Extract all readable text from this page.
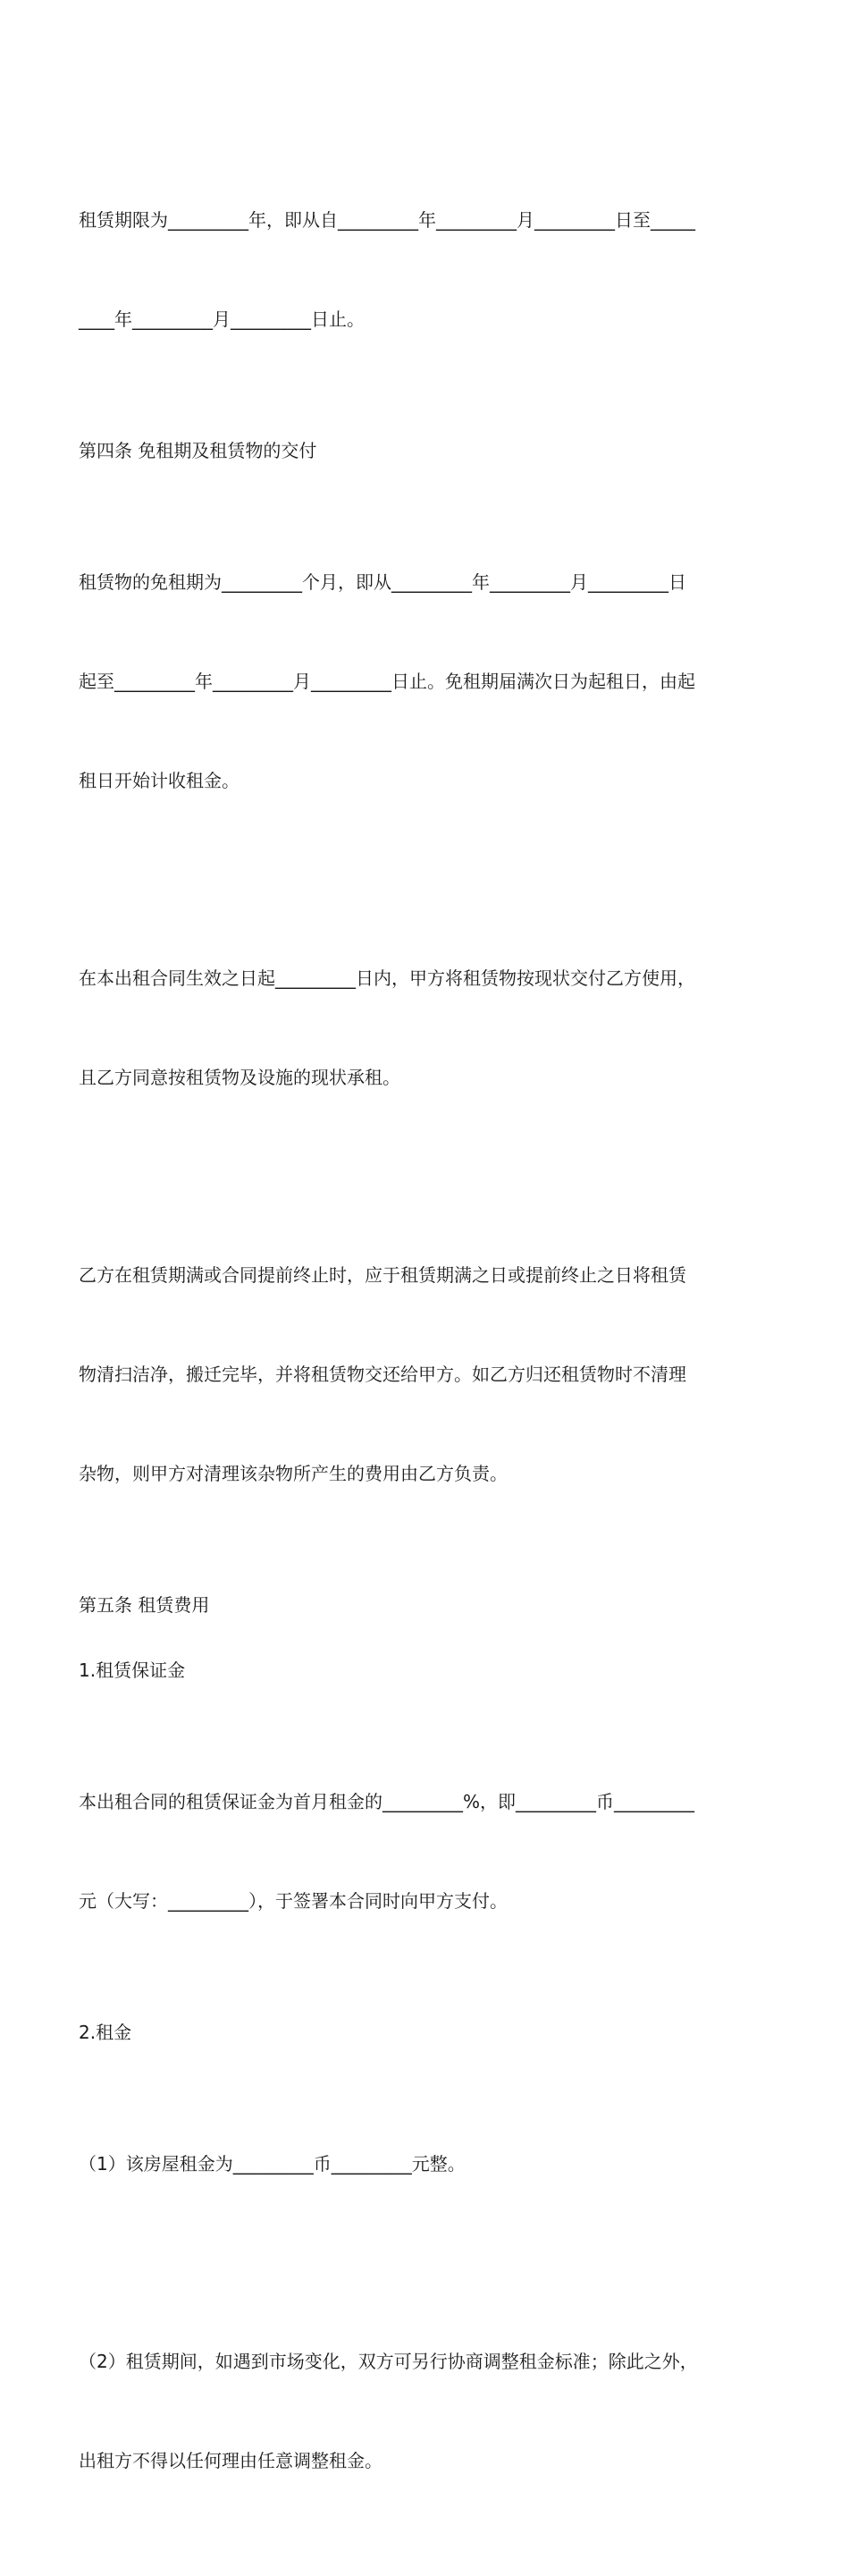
租赁期限为_________年，即从自_________年_________月_________日至_____

____年_________月_________日止。

第四条 免租期及租赁物的交付

租赁物的免租期为_________个月，即从_________年_________月_________日

起至_________年_________月_________日止。免租期届满次日为起租日，由起

租日开始计收租金。

在本出租合同生效之日起_________日内，甲方将租赁物按现状交付乙方使用，

且乙方同意按租赁物及设施的现状承租。

乙方在租赁期满或合同提前终止时，应于租赁期满之日或提前终止之日将租赁

物清扫洁净，搬迁完毕，并将租赁物交还给甲方。如乙方归还租赁物时不清理

杂物，则甲方对清理该杂物所产生的费用由乙方负责。

第五条 租赁费用
1.租赁保证金

本出租合同的租赁保证金为首月租金的_________%，即_________币_________

元（大写：_________），于签署本合同时向甲方支付。

2.租金

（1）该房屋租金为_________币_________元整。

（2）租赁期间，如遇到市场变化，双方可另行协商调整租金标准；除此之外，

出租方不得以任何理由任意调整租金。
